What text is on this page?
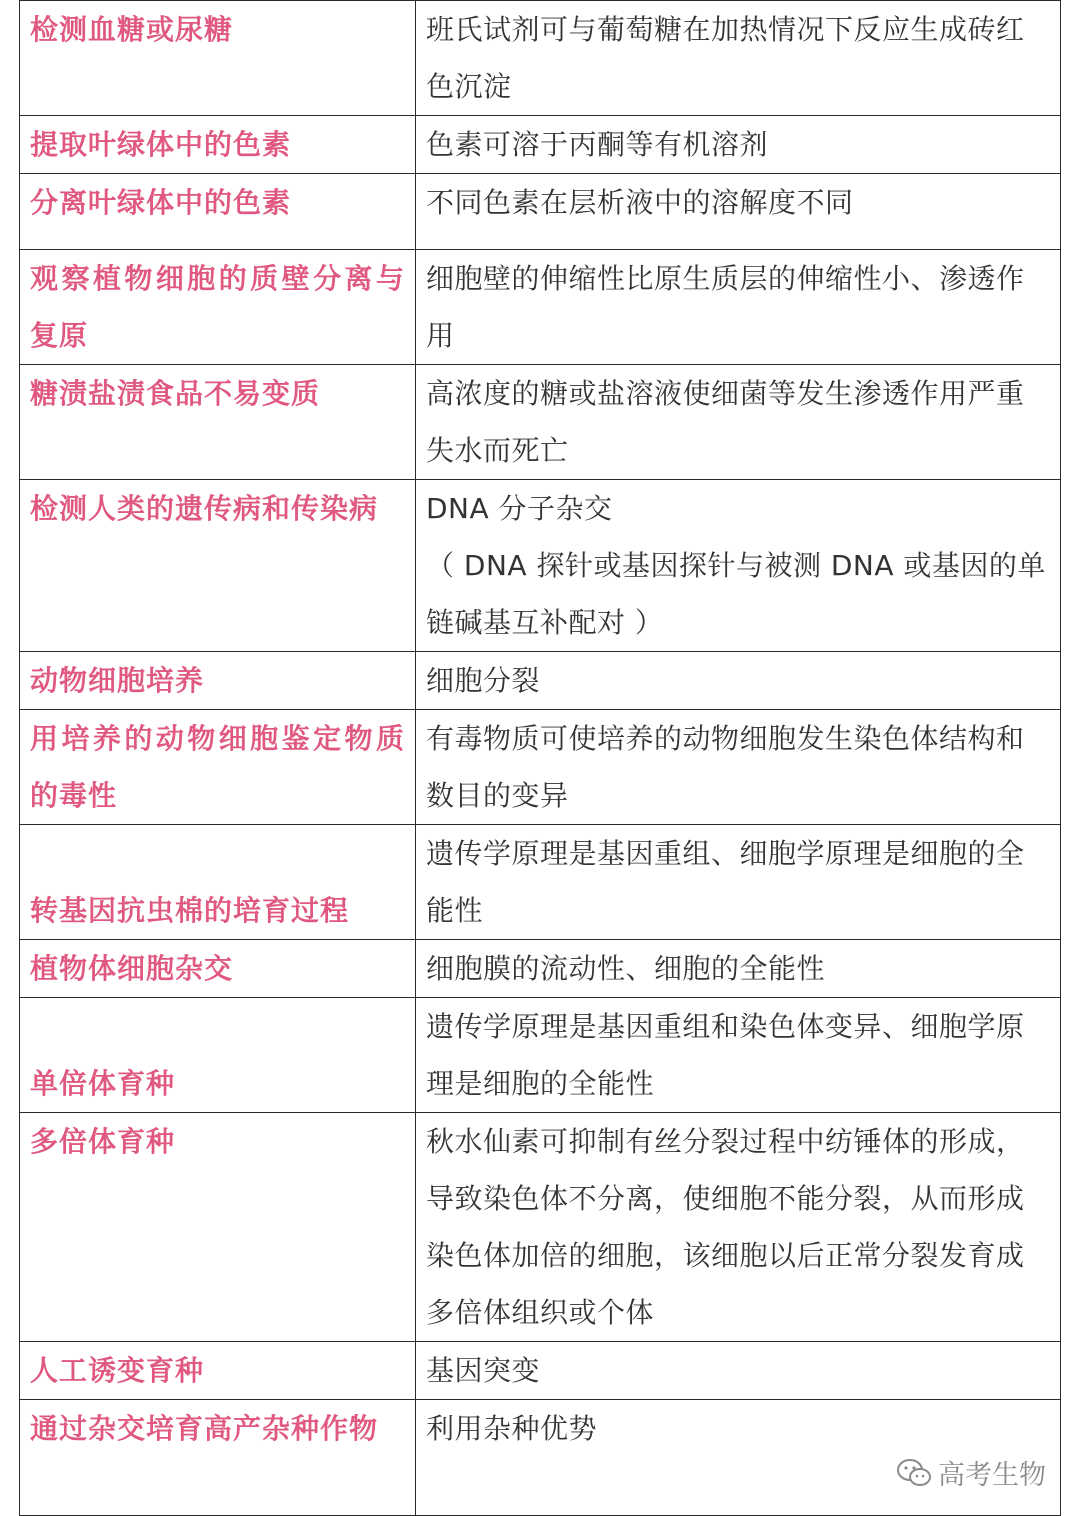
检测血糖或尿糖	班氏试剂可与葡萄糖在加热情况下反应生成砖红色沉淀
提取叶绿体中的色素	色素可溶于丙酮等有机溶剂
分离叶绿体中的色素	不同色素在层析液中的溶解度不同
观察植物细胞的质壁分离与复原	细胞壁的伸缩性比原生质层的伸缩性小、渗透作用
糖渍盐渍食品不易变质	高浓度的糖或盐溶液使细菌等发生渗透作用严重失水而死亡
检测人类的遗传病和传染病	DNA 分子杂交
（ DNA 探针或基因探针与被测 DNA 或基因的单链碱基互补配对 ）

动物细胞培养	细胞分裂
用培养的动物细胞鉴定物质的毒性	有毒物质可使培养的动物细胞发生染色体结构和数目的变异
转基因抗虫棉的培育过程	遗传学原理是基因重组、细胞学原理是细胞的全能性
植物体细胞杂交	细胞膜的流动性、细胞的全能性
单倍体育种	遗传学原理是基因重组和染色体变异、细胞学原理是细胞的全能性
多倍体育种	秋水仙素可抑制有丝分裂过程中纺锤体的形成，导致染色体不分离，使细胞不能分裂，从而形成染色体加倍的细胞，该细胞以后正常分裂发育成多倍体组织或个体
人工诱变育种	基因突变
通过杂交培育高产杂种作物	利用杂种优势
高考生物
